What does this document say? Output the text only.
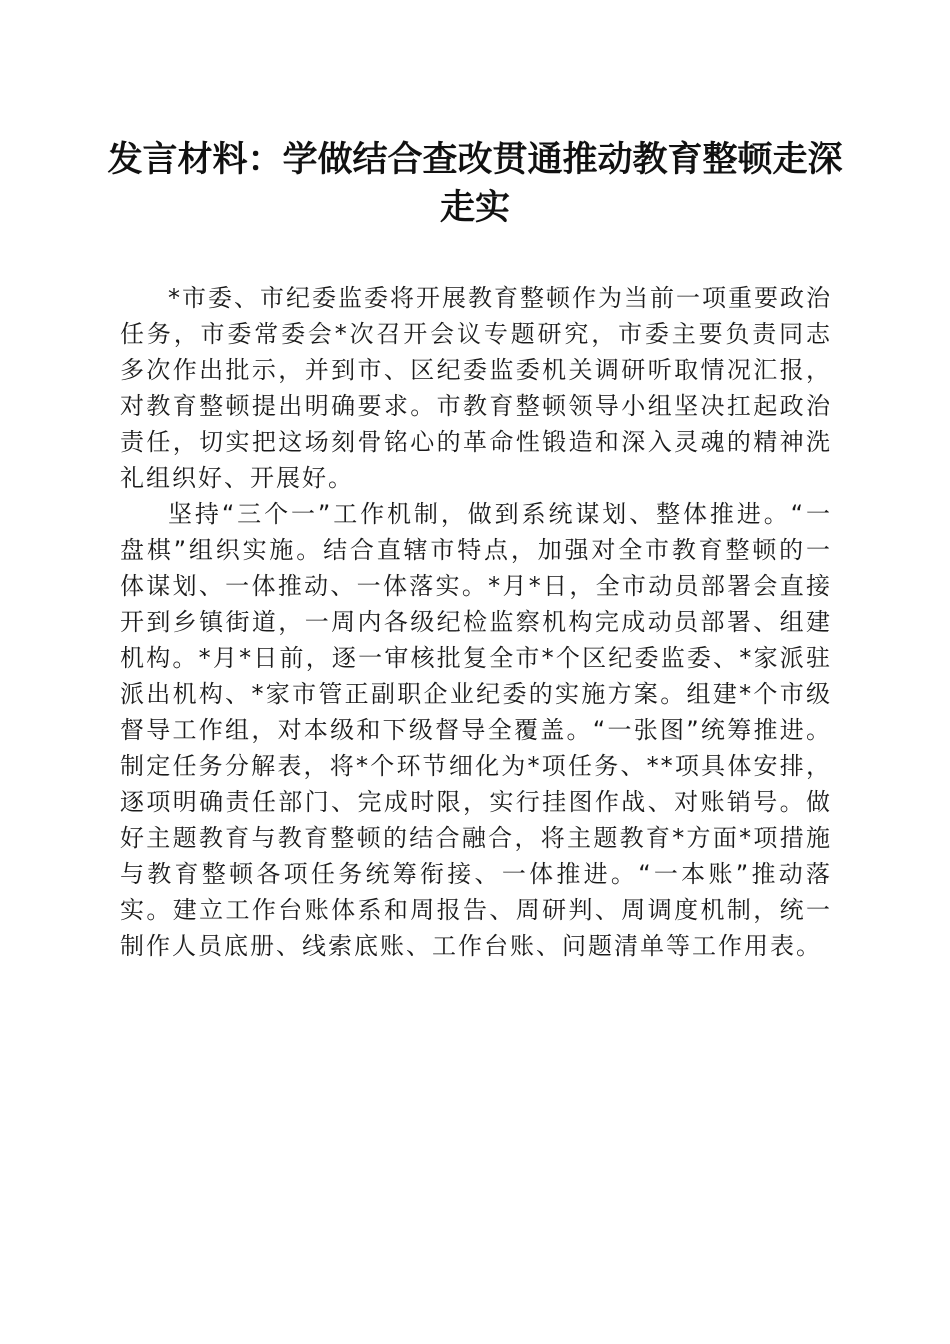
发言材料：学做结合查改贯通推动教育整顿走深走实

*市委、市纪委监委将开展教育整顿作为当前一项重要政治任务，市委常委会*次召开会议专题研究，市委主要负责同志多次作出批示，并到市、区纪委监委机关调研听取情况汇报，对教育整顿提出明确要求。市教育整顿领导小组坚决扛起政治责任，切实把这场刻骨铭心的革命性锻造和深入灵魂的精神洗礼组织好、开展好。

坚持“三个一”工作机制，做到系统谋划、整体推进。“一盘棋”组织实施。结合直辖市特点，加强对全市教育整顿的一体谋划、一体推动、一体落实。*月*日，全市动员部署会直接开到乡镇街道，一周内各级纪检监察机构完成动员部署、组建机构。*月*日前，逐一审核批复全市*个区纪委监委、*家派驻派出机构、*家市管正副职企业纪委的实施方案。组建*个市级督导工作组，对本级和下级督导全覆盖。“一张图”统筹推进。制定任务分解表，将*个环节细化为*项任务、**项具体安排，逐项明确责任部门、完成时限，实行挂图作战、对账销号。做好主题教育与教育整顿的结合融合，将主题教育*方面*项措施与教育整顿各项任务统筹衔接、一体推进。“一本账”推动落实。建立工作台账体系和周报告、周研判、周调度机制，统一制作人员底册、线索底账、工作台账、问题清单等工作用表。
